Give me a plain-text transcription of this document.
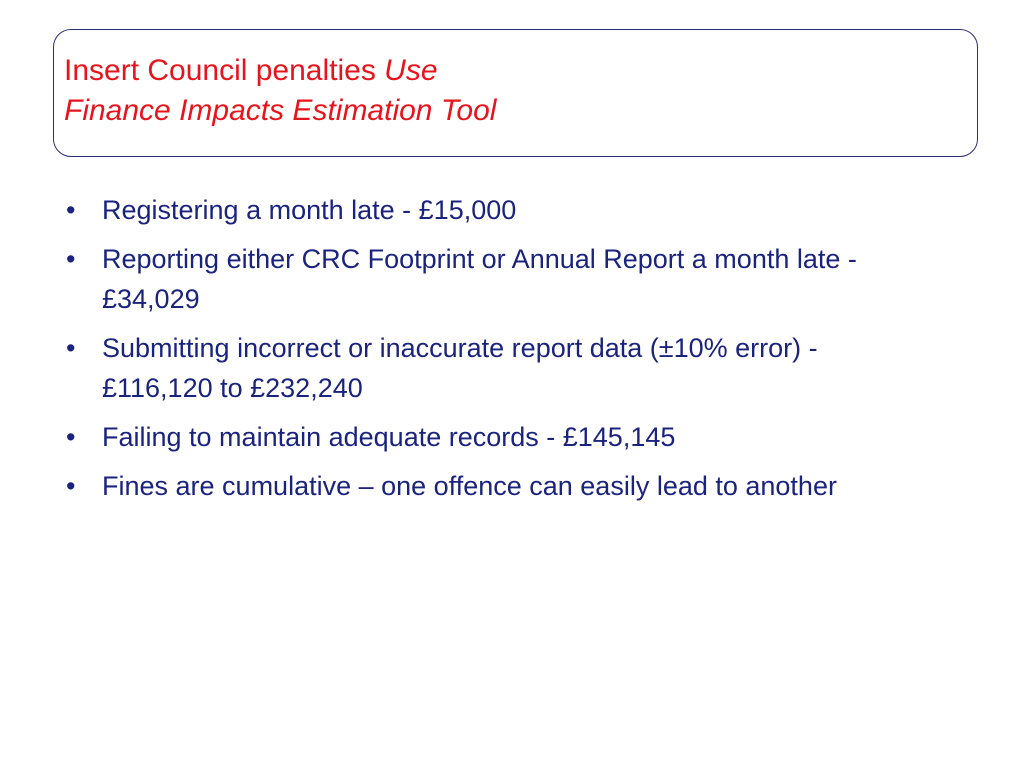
Insert Council penalties Use
Finance Impacts Estimation Tool
• Registering a month late - £15,000
• Reporting either CRC Footprint or Annual Report a month late - £34,029
• Submitting incorrect or inaccurate report data (±10% error) - £116,120 to £232,240
• Failing to maintain adequate records - £145,145
• Fines are cumulative – one offence can easily lead to another
